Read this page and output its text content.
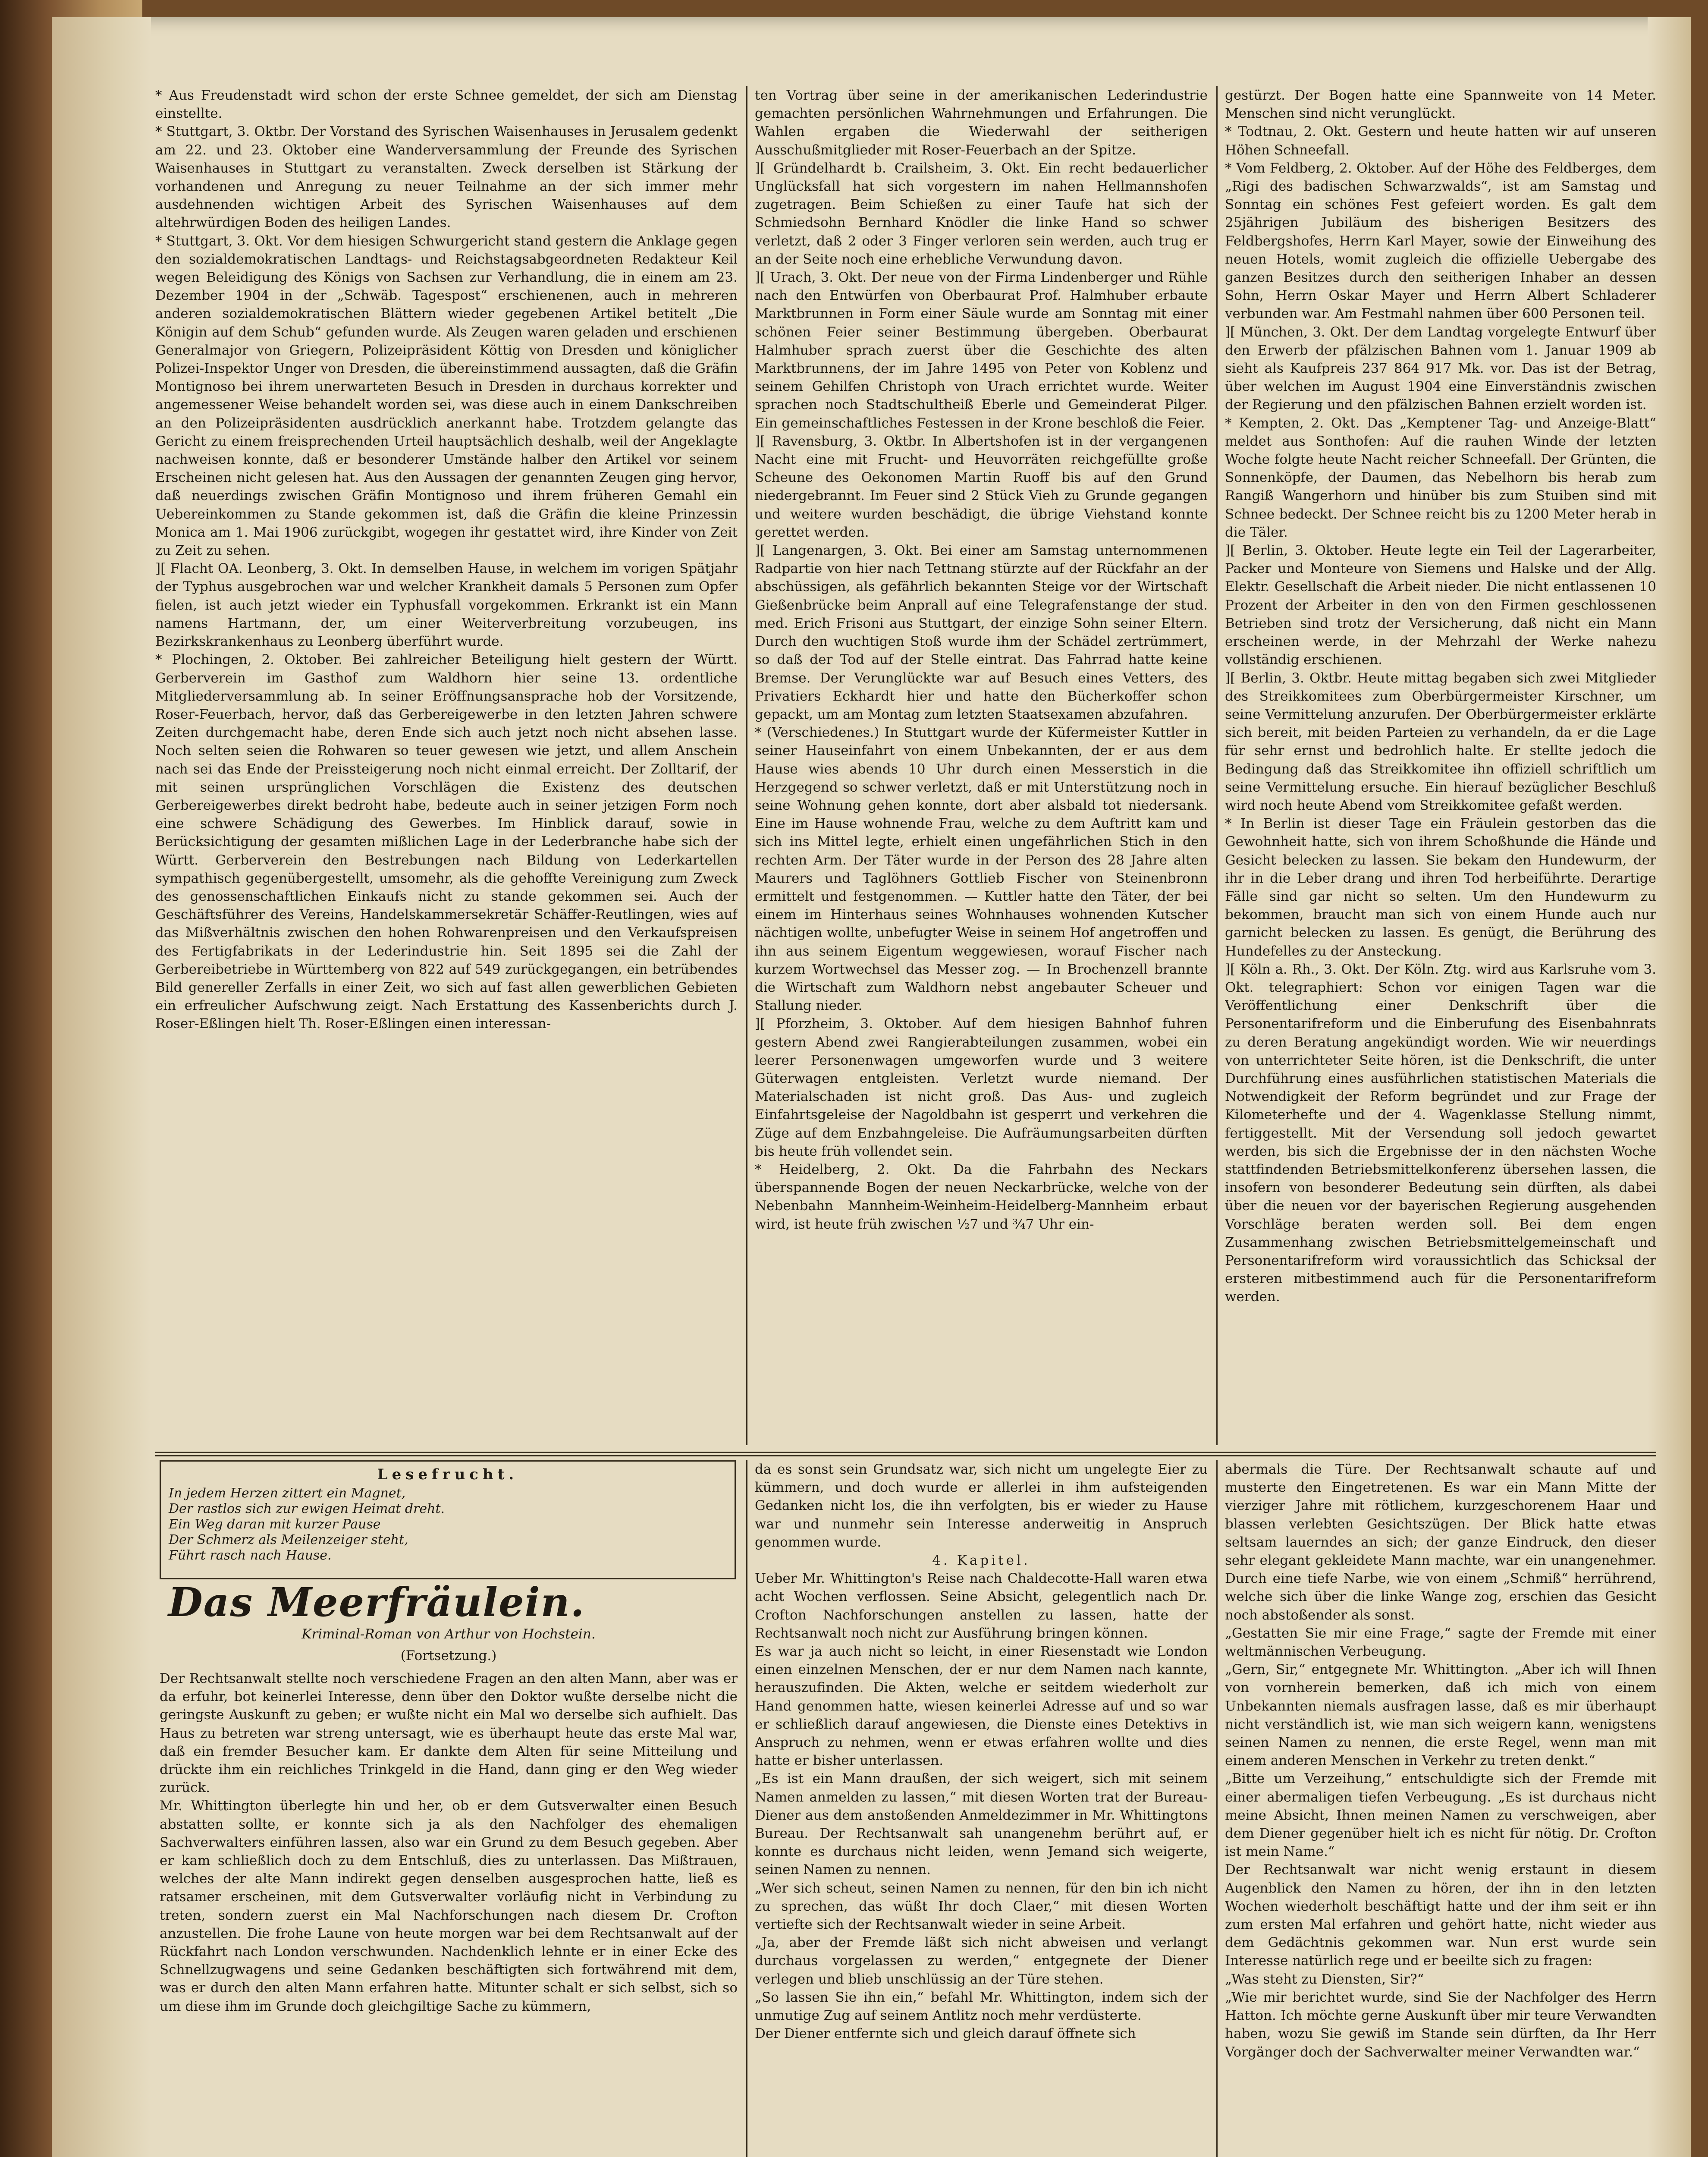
* Aus Freudenstadt wird schon der erste Schnee gemeldet, der sich am Dienstag einstellte.

* Stuttgart, 3. Oktbr. Der Vorstand des Syrischen Waisenhauses in Jerusalem gedenkt am 22. und 23. Oktober eine Wanderversammlung der Freunde des Syrischen Waisenhauses in Stuttgart zu veranstalten. Zweck derselben ist Stärkung der vorhandenen und Anregung zu neuer Teilnahme an der sich immer mehr ausdehnenden wichtigen Arbeit des Syrischen Waisenhauses auf dem altehrwürdigen Boden des heiligen Landes.

* Stuttgart, 3. Okt. Vor dem hiesigen Schwurgericht stand gestern die Anklage gegen den sozialdemokratischen Landtags- und Reichstagsabgeordneten Redakteur Keil wegen Beleidigung des Königs von Sachsen zur Verhandlung, die in einem am 23. Dezember 1904 in der „Schwäb. Tagespost“ erschienenen, auch in mehreren anderen sozialdemokratischen Blättern wieder gegebenen Artikel betitelt „Die Königin auf dem Schub“ gefunden wurde. Als Zeugen waren geladen und erschienen Generalmajor von Griegern, Polizeipräsident Köttig von Dresden und königlicher Polizei-Inspektor Unger von Dresden, die übereinstimmend aussagten, daß die Gräfin Montignoso bei ihrem unerwarteten Besuch in Dresden in durchaus korrekter und angemessener Weise behandelt worden sei, was diese auch in einem Dankschreiben an den Polizeipräsidenten ausdrücklich anerkannt habe. Trotzdem gelangte das Gericht zu einem freisprechenden Urteil hauptsächlich deshalb, weil der Angeklagte nachweisen konnte, daß er besonderer Umstände halber den Artikel vor seinem Erscheinen nicht gelesen hat. Aus den Aussagen der genannten Zeugen ging hervor, daß neuerdings zwischen Gräfin Montignoso und ihrem früheren Gemahl ein Uebereinkommen zu Stande gekommen ist, daß die Gräfin die kleine Prinzessin Monica am 1. Mai 1906 zurückgibt, wogegen ihr gestattet wird, ihre Kinder von Zeit zu Zeit zu sehen.

][ Flacht OA. Leonberg, 3. Okt. In demselben Hause, in welchem im vorigen Spätjahr der Typhus ausgebrochen war und welcher Krankheit damals 5 Personen zum Opfer fielen, ist auch jetzt wieder ein Typhusfall vorgekommen. Erkrankt ist ein Mann namens Hartmann, der, um einer Weiterverbreitung vorzubeugen, ins Bezirkskrankenhaus zu Leonberg überführt wurde.

* Plochingen, 2. Oktober. Bei zahlreicher Beteiligung hielt gestern der Württ. Gerberverein im Gasthof zum Waldhorn hier seine 13. ordentliche Mitgliederversammlung ab. In seiner Eröffnungsansprache hob der Vorsitzende, Roser-Feuerbach, hervor, daß das Gerbereigewerbe in den letzten Jahren schwere Zeiten durchgemacht habe, deren Ende sich auch jetzt noch nicht absehen lasse. Noch selten seien die Rohwaren so teuer gewesen wie jetzt, und allem Anschein nach sei das Ende der Preissteigerung noch nicht einmal erreicht. Der Zolltarif, der mit seinen ursprünglichen Vorschlägen die Existenz des deutschen Gerbereigewerbes direkt bedroht habe, bedeute auch in seiner jetzigen Form noch eine schwere Schädigung des Gewerbes. Im Hinblick darauf, sowie in Berücksichtigung der gesamten mißlichen Lage in der Lederbranche habe sich der Württ. Gerberverein den Bestrebungen nach Bildung von Lederkartellen sympathisch gegenübergestellt, umsomehr, als die gehoffte Vereinigung zum Zweck des genossenschaftlichen Einkaufs nicht zu stande gekommen sei. Auch der Geschäftsführer des Vereins, Handelskammersekretär Schäffer-Reutlingen, wies auf das Mißverhältnis zwischen den hohen Rohwarenpreisen und den Verkaufspreisen des Fertigfabrikats in der Lederindustrie hin. Seit 1895 sei die Zahl der Gerbereibetriebe in Württemberg von 822 auf 549 zurückgegangen, ein betrübendes Bild genereller Zerfalls in einer Zeit, wo sich auf fast allen gewerblichen Gebieten ein erfreulicher Aufschwung zeigt. Nach Erstattung des Kassenberichts durch J. Roser-Eßlingen hielt Th. Roser-Eßlingen einen interessan-

ten Vortrag über seine in der amerikanischen Lederindustrie gemachten persönlichen Wahrnehmungen und Erfahrungen. Die Wahlen ergaben die Wiederwahl der seitherigen Ausschußmitglieder mit Roser-Feuerbach an der Spitze.

][ Gründelhardt b. Crailsheim, 3. Okt. Ein recht bedauerlicher Unglücksfall hat sich vorgestern im nahen Hellmannshofen zugetragen. Beim Schießen zu einer Taufe hat sich der Schmiedsohn Bernhard Knödler die linke Hand so schwer verletzt, daß 2 oder 3 Finger verloren sein werden, auch trug er an der Seite noch eine erhebliche Verwundung davon.

][ Urach, 3. Okt. Der neue von der Firma Lindenberger und Rühle nach den Entwürfen von Oberbaurat Prof. Halmhuber erbaute Marktbrunnen in Form einer Säule wurde am Sonntag mit einer schönen Feier seiner Bestimmung übergeben. Oberbaurat Halmhuber sprach zuerst über die Geschichte des alten Marktbrunnens, der im Jahre 1495 von Peter von Koblenz und seinem Gehilfen Christoph von Urach errichtet wurde. Weiter sprachen noch Stadtschultheiß Eberle und Gemeinderat Pilger. Ein gemeinschaftliches Festessen in der Krone beschloß die Feier.

][ Ravensburg, 3. Oktbr. In Albertshofen ist in der vergangenen Nacht eine mit Frucht- und Heuvorräten reichgefüllte große Scheune des Oekonomen Martin Ruoff bis auf den Grund niedergebrannt. Im Feuer sind 2 Stück Vieh zu Grunde gegangen und weitere wurden beschädigt, die übrige Viehstand konnte gerettet werden.

][ Langenargen, 3. Okt. Bei einer am Samstag unternommenen Radpartie von hier nach Tettnang stürzte auf der Rückfahr an der abschüssigen, als gefährlich bekannten Steige vor der Wirtschaft Gießenbrücke beim Anprall auf eine Telegrafenstange der stud. med. Erich Frisoni aus Stuttgart, der einzige Sohn seiner Eltern. Durch den wuchtigen Stoß wurde ihm der Schädel zertrümmert, so daß der Tod auf der Stelle eintrat. Das Fahrrad hatte keine Bremse. Der Verunglückte war auf Besuch eines Vetters, des Privatiers Eckhardt hier und hatte den Bücherkoffer schon gepackt, um am Montag zum letzten Staatsexamen abzufahren.

* (Verschiedenes.) In Stuttgart wurde der Küfermeister Kuttler in seiner Hauseinfahrt von einem Unbekannten, der er aus dem Hause wies abends 10 Uhr durch einen Messerstich in die Herzgegend so schwer verletzt, daß er mit Unterstützung noch in seine Wohnung gehen konnte, dort aber alsbald tot niedersank. Eine im Hause wohnende Frau, welche zu dem Auftritt kam und sich ins Mittel legte, erhielt einen ungefährlichen Stich in den rechten Arm. Der Täter wurde in der Person des 28 Jahre alten Maurers und Taglöhners Gottlieb Fischer von Steinenbronn ermittelt und festgenommen. — Kuttler hatte den Täter, der bei einem im Hinterhaus seines Wohnhauses wohnenden Kutscher nächtigen wollte, unbefugter Weise in seinem Hof angetroffen und ihn aus seinem Eigentum weggewiesen, worauf Fischer nach kurzem Wortwechsel das Messer zog. — In Brochenzell brannte die Wirtschaft zum Waldhorn nebst angebauter Scheuer und Stallung nieder.

][ Pforzheim, 3. Oktober. Auf dem hiesigen Bahnhof fuhren gestern Abend zwei Rangierabteilungen zusammen, wobei ein leerer Personenwagen umgeworfen wurde und 3 weitere Güterwagen entgleisten. Verletzt wurde niemand. Der Materialschaden ist nicht groß. Das Aus- und zugleich Einfahrtsgeleise der Nagoldbahn ist gesperrt und verkehren die Züge auf dem Enzbahngeleise. Die Aufräumungsarbeiten dürften bis heute früh vollendet sein.

* Heidelberg, 2. Okt. Da die Fahrbahn des Neckars überspannende Bogen der neuen Neckarbrücke, welche von der Nebenbahn Mannheim-Weinheim-Heidelberg-Mannheim erbaut wird, ist heute früh zwischen ½7 und ¾7 Uhr ein-

gestürzt. Der Bogen hatte eine Spannweite von 14 Meter. Menschen sind nicht verunglückt.

* Todtnau, 2. Okt. Gestern und heute hatten wir auf unseren Höhen Schneefall.

* Vom Feldberg, 2. Oktober. Auf der Höhe des Feldberges, dem „Rigi des badischen Schwarzwalds“, ist am Samstag und Sonntag ein schönes Fest gefeiert worden. Es galt dem 25jährigen Jubiläum des bisherigen Besitzers des Feldbergshofes, Herrn Karl Mayer, sowie der Einweihung des neuen Hotels, womit zugleich die offizielle Uebergabe des ganzen Besitzes durch den seitherigen Inhaber an dessen Sohn, Herrn Oskar Mayer und Herrn Albert Schladerer verbunden war. Am Festmahl nahmen über 600 Personen teil.

][ München, 3. Okt. Der dem Landtag vorgelegte Entwurf über den Erwerb der pfälzischen Bahnen vom 1. Januar 1909 ab sieht als Kaufpreis 237 864 917 Mk. vor. Das ist der Betrag, über welchen im August 1904 eine Einverständnis zwischen der Regierung und den pfälzischen Bahnen erzielt worden ist.

* Kempten, 2. Okt. Das „Kemptener Tag- und Anzeige-Blatt“ meldet aus Sonthofen: Auf die rauhen Winde der letzten Woche folgte heute Nacht reicher Schneefall. Der Grünten, die Sonnenköpfe, der Daumen, das Nebelhorn bis herab zum Rangiß Wangerhorn und hinüber bis zum Stuiben sind mit Schnee bedeckt. Der Schnee reicht bis zu 1200 Meter herab in die Täler.

][ Berlin, 3. Oktober. Heute legte ein Teil der Lagerarbeiter, Packer und Monteure von Siemens und Halske und der Allg. Elektr. Gesellschaft die Arbeit nieder. Die nicht entlassenen 10 Prozent der Arbeiter in den von den Firmen geschlossenen Betrieben sind trotz der Versicherung, daß nicht ein Mann erscheinen werde, in der Mehrzahl der Werke nahezu vollständig erschienen.

][ Berlin, 3. Oktbr. Heute mittag begaben sich zwei Mitglieder des Streikkomitees zum Oberbürgermeister Kirschner, um seine Vermittelung anzurufen. Der Oberbürgermeister erklärte sich bereit, mit beiden Parteien zu verhandeln, da er die Lage für sehr ernst und bedrohlich halte. Er stellte jedoch die Bedingung daß das Streikkomitee ihn offiziell schriftlich um seine Vermittelung ersuche. Ein hierauf bezüglicher Beschluß wird noch heute Abend vom Streikkomitee gefaßt werden.

* In Berlin ist dieser Tage ein Fräulein gestorben das die Gewohnheit hatte, sich von ihrem Schoßhunde die Hände und Gesicht belecken zu lassen. Sie bekam den Hundewurm, der ihr in die Leber drang und ihren Tod herbeiführte. Derartige Fälle sind gar nicht so selten. Um den Hundewurm zu bekommen, braucht man sich von einem Hunde auch nur garnicht belecken zu lassen. Es genügt, die Berührung des Hundefelles zu der Ansteckung.

][ Köln a. Rh., 3. Okt. Der Köln. Ztg. wird aus Karlsruhe vom 3. Okt. telegraphiert: Schon vor einigen Tagen war die Veröffentlichung einer Denkschrift über die Personentarifreform und die Einberufung des Eisenbahnrats zu deren Beratung angekündigt worden. Wie wir neuerdings von unterrichteter Seite hören, ist die Denkschrift, die unter Durchführung eines ausführlichen statistischen Materials die Notwendigkeit der Reform begründet und zur Frage der Kilometerhefte und der 4. Wagenklasse Stellung nimmt, fertiggestellt. Mit der Versendung soll jedoch gewartet werden, bis sich die Ergebnisse der in den nächsten Woche stattfindenden Betriebsmittelkonferenz übersehen lassen, die insofern von besonderer Bedeutung sein dürften, als dabei über die neuen vor der bayerischen Regierung ausgehenden Vorschläge beraten werden soll. Bei dem engen Zusammenhang zwischen Betriebsmittelgemeinschaft und Personentarifreform wird voraussichtlich das Schicksal der ersteren mitbestimmend auch für die Personentarifreform werden.

Lesefrucht.
In jedem Herzen zittert ein Magnet,
Der rastlos sich zur ewigen Heimat dreht.
Ein Weg daran mit kurzer Pause
Der Schmerz als Meilenzeiger steht,
Führt rasch nach Hause.
Das Meerfräulein.
Kriminal-Roman von Arthur von Hochstein.
(Fortsetzung.)

Der Rechtsanwalt stellte noch verschiedene Fragen an den alten Mann, aber was er da erfuhr, bot keinerlei Interesse, denn über den Doktor wußte derselbe nicht die geringste Auskunft zu geben; er wußte nicht ein Mal wo derselbe sich aufhielt. Das Haus zu betreten war streng untersagt, wie es überhaupt heute das erste Mal war, daß ein fremder Besucher kam. Er dankte dem Alten für seine Mitteilung und drückte ihm ein reichliches Trinkgeld in die Hand, dann ging er den Weg wieder zurück.

Mr. Whittington überlegte hin und her, ob er dem Gutsverwalter einen Besuch abstatten sollte, er konnte sich ja als den Nachfolger des ehemaligen Sachverwalters einführen lassen, also war ein Grund zu dem Besuch gegeben. Aber er kam schließlich doch zu dem Entschluß, dies zu unterlassen. Das Mißtrauen, welches der alte Mann indirekt gegen denselben ausgesprochen hatte, ließ es ratsamer erscheinen, mit dem Gutsverwalter vorläufig nicht in Verbindung zu treten, sondern zuerst ein Mal Nachforschungen nach diesem Dr. Crofton anzustellen. Die frohe Laune von heute morgen war bei dem Rechtsanwalt auf der Rückfahrt nach London verschwunden. Nachdenklich lehnte er in einer Ecke des Schnellzugwagens und seine Gedanken beschäftigten sich fortwährend mit dem, was er durch den alten Mann erfahren hatte. Mitunter schalt er sich selbst, sich so um diese ihm im Grunde doch gleichgiltige Sache zu kümmern,

da es sonst sein Grundsatz war, sich nicht um ungelegte Eier zu kümmern, und doch wurde er allerlei in ihm aufsteigenden Gedanken nicht los, die ihn verfolgten, bis er wieder zu Hause war und nunmehr sein Interesse anderweitig in Anspruch genommen wurde.

4. Kapitel.

Ueber Mr. Whittington's Reise nach Chaldecotte-Hall waren etwa acht Wochen verflossen. Seine Absicht, gelegentlich nach Dr. Crofton Nachforschungen anstellen zu lassen, hatte der Rechtsanwalt noch nicht zur Ausführung bringen können.

Es war ja auch nicht so leicht, in einer Riesenstadt wie London einen einzelnen Menschen, der er nur dem Namen nach kannte, herauszufinden. Die Akten, welche er seitdem wiederholt zur Hand genommen hatte, wiesen keinerlei Adresse auf und so war er schließlich darauf angewiesen, die Dienste eines Detektivs in Anspruch zu nehmen, wenn er etwas erfahren wollte und dies hatte er bisher unterlassen.

„Es ist ein Mann draußen, der sich weigert, sich mit seinem Namen anmelden zu lassen,“ mit diesen Worten trat der Bureau-Diener aus dem anstoßenden Anmeldezimmer in Mr. Whittingtons Bureau. Der Rechtsanwalt sah unangenehm berührt auf, er konnte es durchaus nicht leiden, wenn Jemand sich weigerte, seinen Namen zu nennen.

„Wer sich scheut, seinen Namen zu nennen, für den bin ich nicht zu sprechen, das wüßt Ihr doch Claer,“ mit diesen Worten vertiefte sich der Rechtsanwalt wieder in seine Arbeit.

„Ja, aber der Fremde läßt sich nicht abweisen und verlangt durchaus vorgelassen zu werden,“ entgegnete der Diener verlegen und blieb unschlüssig an der Türe stehen.

„So lassen Sie ihn ein,“ befahl Mr. Whittington, indem sich der unmutige Zug auf seinem Antlitz noch mehr verdüsterte.

Der Diener entfernte sich und gleich darauf öffnete sich

abermals die Türe. Der Rechtsanwalt schaute auf und musterte den Eingetretenen. Es war ein Mann Mitte der vierziger Jahre mit rötlichem, kurzgeschorenem Haar und blassen verlebten Gesichtszügen. Der Blick hatte etwas seltsam lauerndes an sich; der ganze Eindruck, den dieser sehr elegant gekleidete Mann machte, war ein unangenehmer. Durch eine tiefe Narbe, wie von einem „Schmiß“ herrührend, welche sich über die linke Wange zog, erschien das Gesicht noch abstoßender als sonst.

„Gestatten Sie mir eine Frage,“ sagte der Fremde mit einer weltmännischen Verbeugung.

„Gern, Sir,“ entgegnete Mr. Whittington. „Aber ich will Ihnen von vornherein bemerken, daß ich mich von einem Unbekannten niemals ausfragen lasse, daß es mir überhaupt nicht verständlich ist, wie man sich weigern kann, wenigstens seinen Namen zu nennen, die erste Regel, wenn man mit einem anderen Menschen in Verkehr zu treten denkt.“

„Bitte um Verzeihung,“ entschuldigte sich der Fremde mit einer abermaligen tiefen Verbeugung. „Es ist durchaus nicht meine Absicht, Ihnen meinen Namen zu verschweigen, aber dem Diener gegenüber hielt ich es nicht für nötig. Dr. Crofton ist mein Name.“

Der Rechtsanwalt war nicht wenig erstaunt in diesem Augenblick den Namen zu hören, der ihn in den letzten Wochen wiederholt beschäftigt hatte und der ihm seit er ihn zum ersten Mal erfahren und gehört hatte, nicht wieder aus dem Gedächtnis gekommen war. Nun erst wurde sein Interesse natürlich rege und er beeilte sich zu fragen:

„Was steht zu Diensten, Sir?“

„Wie mir berichtet wurde, sind Sie der Nachfolger des Herrn Hatton. Ich möchte gerne Auskunft über mir teure Verwandten haben, wozu Sie gewiß im Stande sein dürften, da Ihr Herr Vorgänger doch der Sachverwalter meiner Verwandten war.“
